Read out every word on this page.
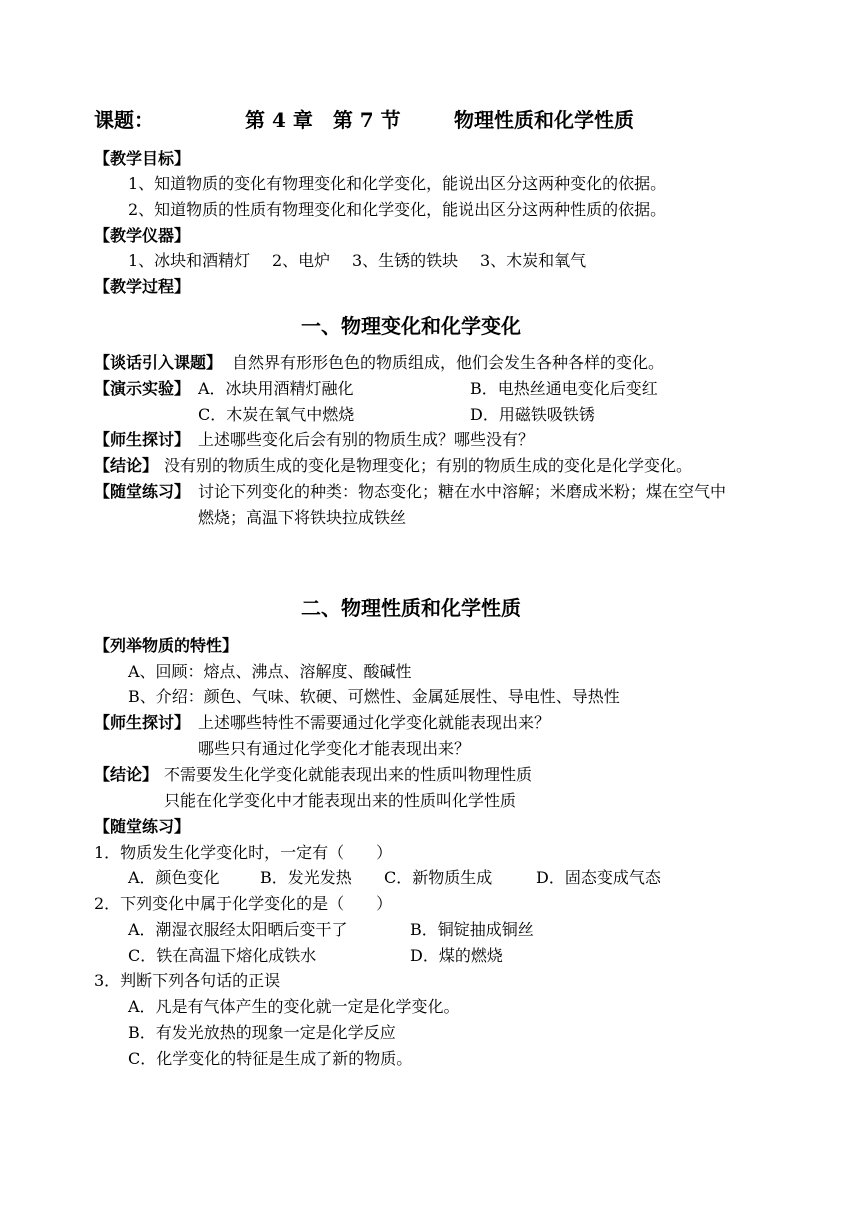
课题：	第 4 章　第 7 节	物理性质和化学性质
【教学目标】
1、知道物质的变化有物理变化和化学变化，能说出区分这两种变化的依据。
2、知道物质的性质有物理变化和化学变化，能说出区分这两种性质的依据。
【教学仪器】
1、冰块和酒精灯 2、电炉 3、生锈的铁块 3、木炭和氧气
【教学过程】
一、物理变化和化学变化
【谈话引入课题】 自然界有形形色色的物质组成，他们会发生各种各样的变化。
【演示实验】 A．冰块用酒精灯融化	B．电热丝通电变化后变红
C．木炭在氧气中燃烧	D．用磁铁吸铁锈
【师生探讨】 上述哪些变化后会有别的物质生成？哪些没有？
【结论】 没有别的物质生成的变化是物理变化；有别的物质生成的变化是化学变化。
【随堂练习】 讨论下列变化的种类：物态变化；糖在水中溶解；米磨成米粉；煤在空气中
燃烧；高温下将铁块拉成铁丝
二、物理性质和化学性质
【列举物质的特性】
A、回顾：熔点、沸点、溶解度、酸碱性
B、介绍：颜色、气味、软硬、可燃性、金属延展性、导电性、导热性
【师生探讨】 上述哪些特性不需要通过化学变化就能表现出来？
哪些只有通过化学变化才能表现出来？
【结论】 不需要发生化学变化就能表现出来的性质叫物理性质
只能在化学变化中才能表现出来的性质叫化学性质
【随堂练习】
1．物质发生化学变化时，一定有（　　）
A．颜色变化	B．发光发热 C．新物质生成	D．固态变成气态
2．下列变化中属于化学变化的是（　　）
A．潮湿衣服经太阳晒后变干了	B．铜锭抽成铜丝
C．铁在高温下熔化成铁水	D．煤的燃烧
3．判断下列各句话的正误
A．凡是有气体产生的变化就一定是化学变化。
B．有发光放热的现象一定是化学反应
C．化学变化的特征是生成了新的物质。
